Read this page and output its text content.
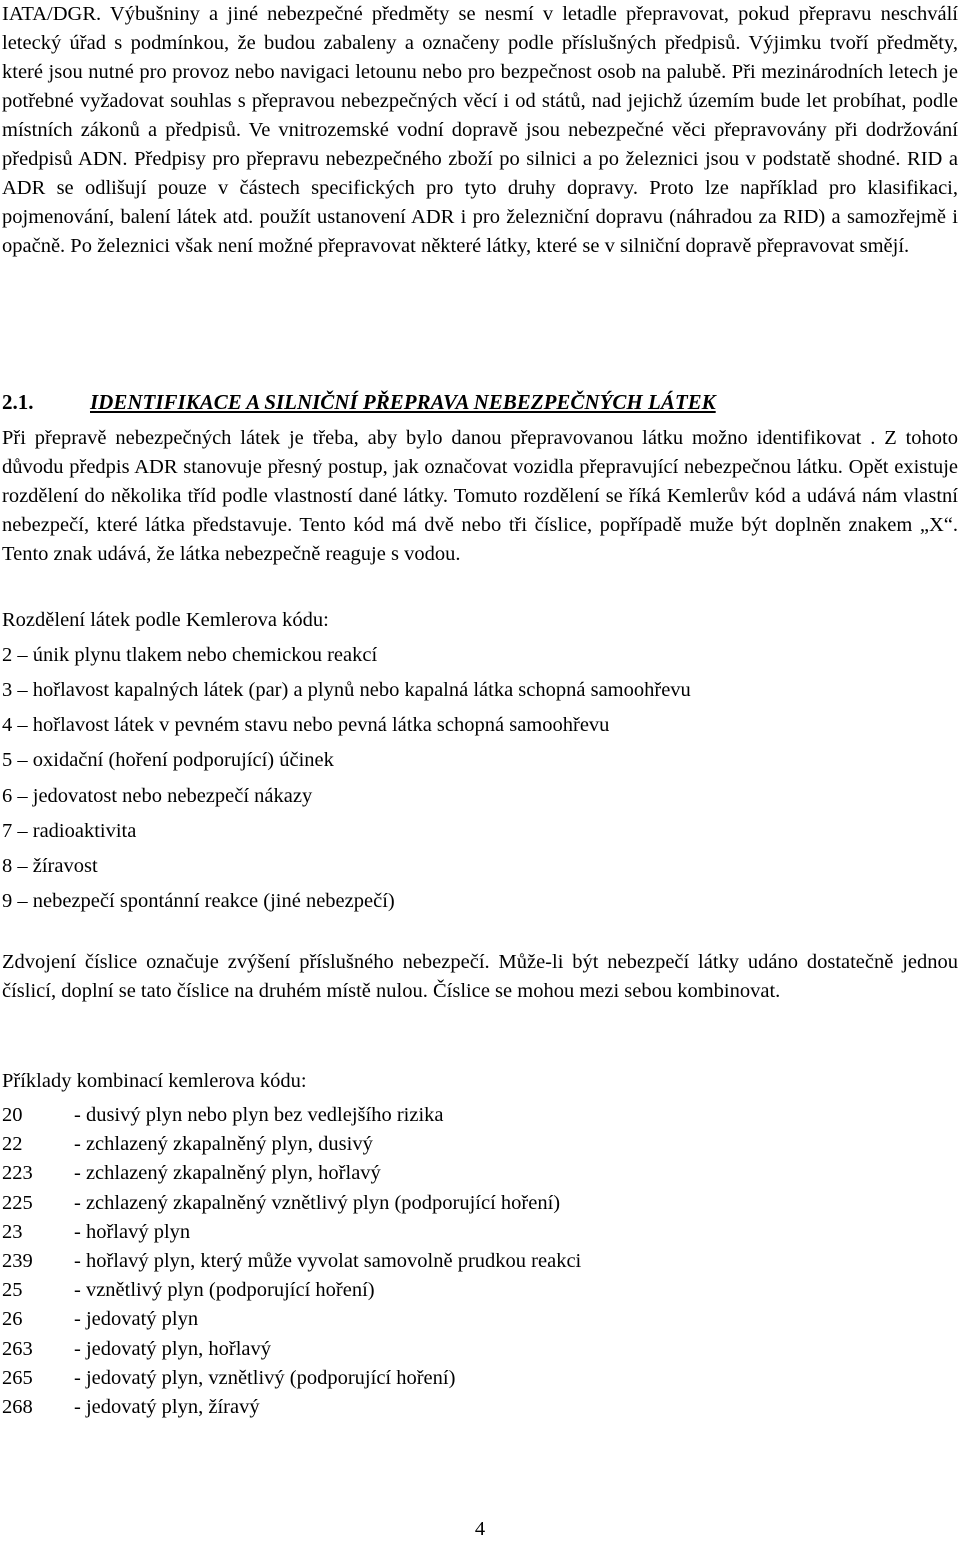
IATA/DGR. Výbušniny a jiné nebezpečné předměty se nesmí v letadle přepravovat, pokud přepravu neschválí letecký úřad s podmínkou, že budou zabaleny a označeny podle příslušných předpisů. Výjimku tvoří předměty, které jsou nutné pro provoz nebo navigaci letounu nebo pro bezpečnost osob na palubě. Při mezinárodních letech je potřebné vyžadovat souhlas s přepravou nebezpečných věcí i od států, nad jejichž územím bude let probíhat, podle místních zákonů a předpisů. Ve vnitrozemské vodní dopravě jsou nebezpečné věci přepravovány při dodržování předpisů ADN. Předpisy pro přepravu nebezpečného zboží po silnici a po železnici jsou v podstatě shodné. RID a ADR se odlišují pouze v částech specifických pro tyto druhy dopravy. Proto lze například pro klasifikaci, pojmenování, balení látek atd. použít ustanovení ADR i pro železniční dopravu (náhradou za RID) a samozřejmě i opačně. Po železnici však není možné přepravovat některé látky, které se v silniční dopravě přepravovat smějí.

2.1.	IDENTIFIKACE A SILNIČNÍ PŘEPRAVA NEBEZPEČNÝCH LÁTEK

Při přepravě nebezpečných látek je třeba, aby bylo danou přepravovanou látku možno identifikovat . Z tohoto důvodu předpis ADR stanovuje přesný postup, jak označovat vozidla přepravující nebezpečnou látku. Opět existuje rozdělení do několika tříd podle vlastností dané látky. Tomuto rozdělení se říká Kemlerův kód a udává nám vlastní nebezpečí, které látka představuje. Tento kód má dvě nebo tři číslice, popřípadě muže být doplněn znakem „X“. Tento znak udává, že látka nebezpečně reaguje s vodou.

Rozdělení látek podle Kemlerova kódu:
2 – únik plynu tlakem nebo chemickou reakcí
3 – hořlavost kapalných látek (par) a plynů nebo kapalná látka schopná samoohřevu
4 – hořlavost látek v pevném stavu nebo pevná látka schopná samoohřevu
5 – oxidační (hoření podporující) účinek
6 – jedovatost nebo nebezpečí nákazy
7 – radioaktivita
8 – žíravost
9 – nebezpečí spontánní reakce (jiné nebezpečí)

Zdvojení číslice označuje zvýšení příslušného nebezpečí. Může-li být nebezpečí látky udáno dostatečně jednou číslicí, doplní se tato číslice na druhém místě nulou. Číslice se mohou mezi sebou kombinovat.

Příklady kombinací kemlerova kódu:
20	- dusivý plyn nebo plyn bez vedlejšího rizika
22	- zchlazený zkapalněný plyn, dusivý
223	- zchlazený zkapalněný plyn, hořlavý
225	- zchlazený zkapalněný vznětlivý plyn (podporující hoření)
23	- hořlavý plyn
239	- hořlavý plyn, který může vyvolat samovolně prudkou reakci
25	- vznětlivý plyn (podporující hoření)
26	- jedovatý plyn
263	- jedovatý plyn, hořlavý
265	- jedovatý plyn, vznětlivý (podporující hoření)
268	- jedovatý plyn, žíravý
4
